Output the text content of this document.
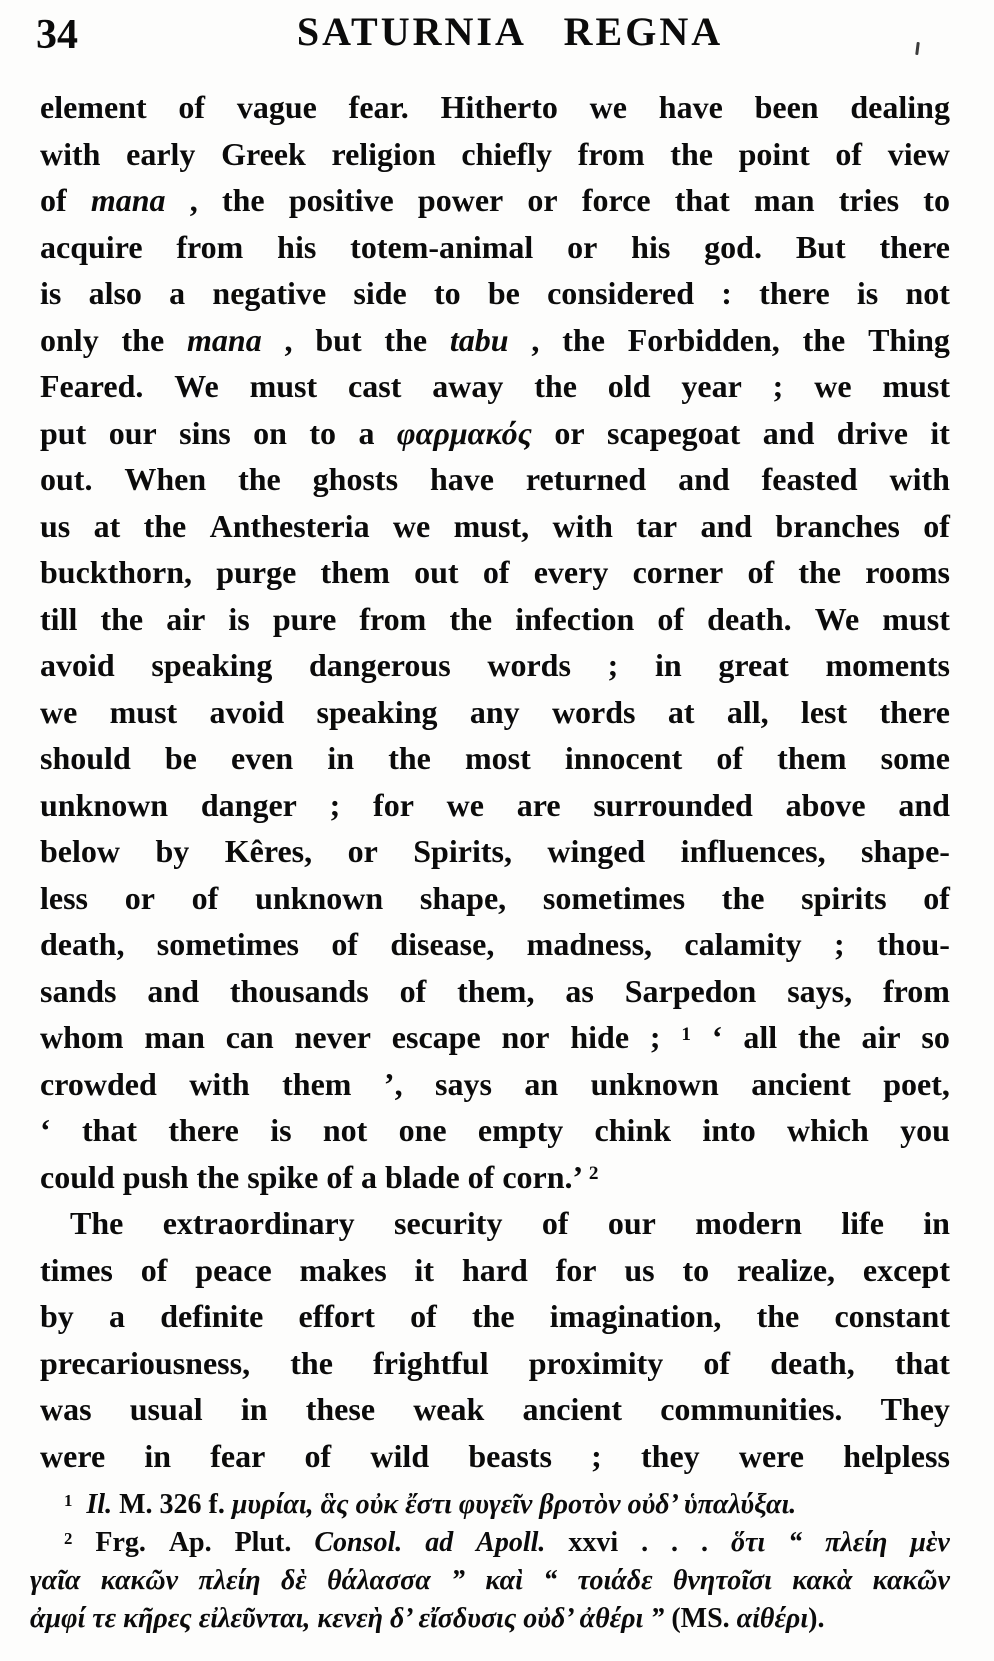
34	SATURNIA REGNA
element of vague fear. Hitherto we have been dealing
with early Greek religion chiefly from the point of view
of mana , the positive power or force that man tries to
acquire from his totem-animal or his god. But there
is also a negative side to be considered : there is not
only the mana , but the tabu , the Forbidden, the Thing
Feared. We must cast away the old year ; we must
put our sins on to a φαρμακός or scapegoat and drive it
out. When the ghosts have returned and feasted with
us at the Anthesteria we must, with tar and branches of
buckthorn, purge them out of every corner of the rooms
till the air is pure from the infection of death. We must
avoid speaking dangerous words ; in great moments
we must avoid speaking any words at all, lest there
should be even in the most innocent of them some
unknown danger ; for we are surrounded above and
below by Kêres, or Spirits, winged influences, shape-
less or of unknown shape, sometimes the spirits of
death, sometimes of disease, madness, calamity ; thou-
sands and thousands of them, as Sarpedon says, from
whom man can never escape nor hide ; 1 ‘ all the air so
crowded with them ’, says an unknown ancient poet,
‘ that there is not one empty chink into which you
could push the spike of a blade of corn.’ $^2$
The extraordinary security of our modern life in
times of peace makes it hard for us to realize, except
by a definite effort of the imagination, the constant
precariousness, the frightful proximity of death, that
was usual in these weak ancient communities. They
were in fear of wild beasts ; they were helpless
$^1$ Il. M. 326 f. μυρίαι, ἃς οὐκ ἔστι φυγεῖν βροτὸν οὐδ’ ὑπαλύξαι.
2 Frg. Ap. Plut. Consol. ad Apoll. xxvi . . . ὅτι “ πλείη μὲν
γαῖα κακῶν πλείη δὲ θάλασσα ” καὶ “ τοιάδε θνητοῖσι κακὰ κακῶν
ἀμφί τε κῆρες εἰλεῦνται, κενεὴ δ’ εἴσδυσις οὐδ’ ἀθέρι ” (MS. αἰθέρι).
